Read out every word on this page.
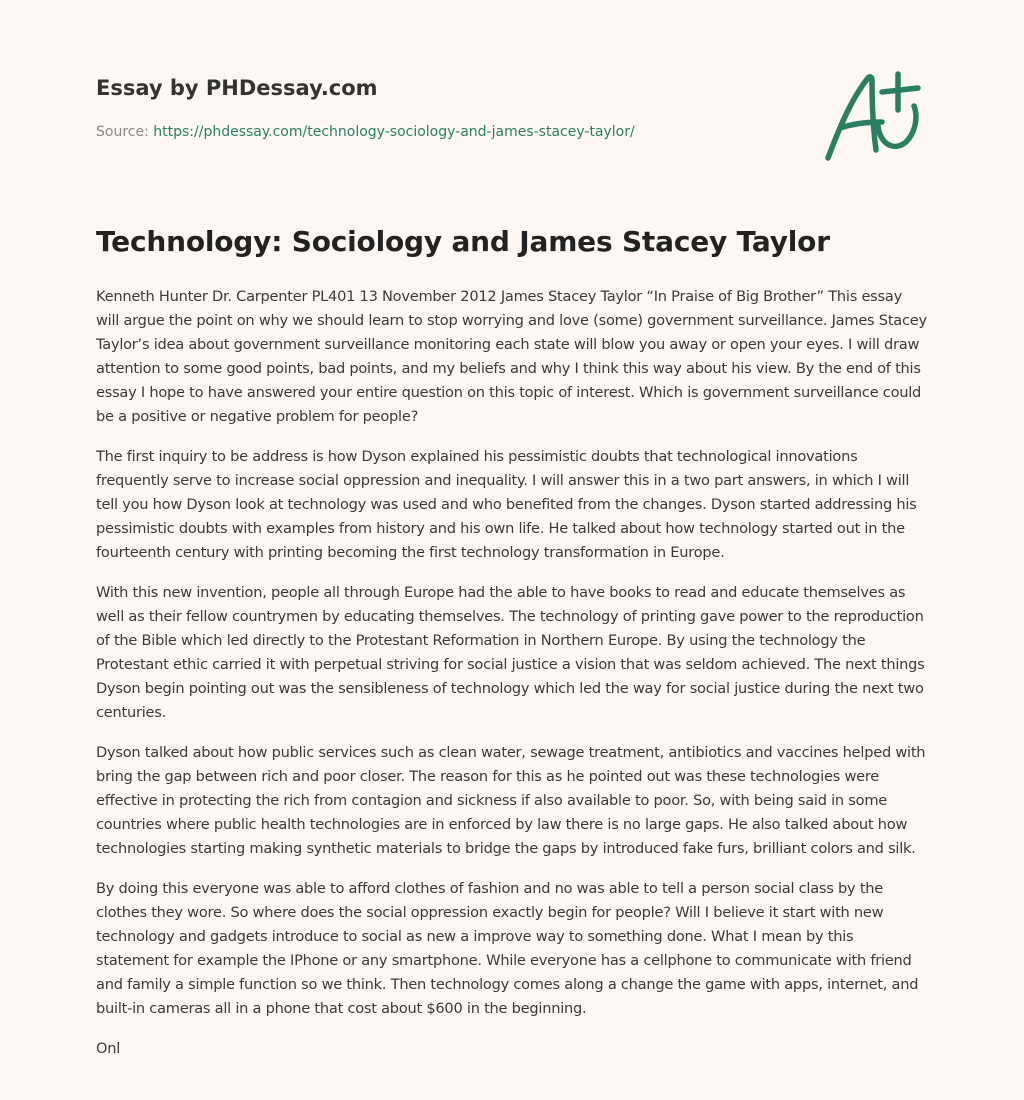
Essay by PHDessay.com
Source: https://phdessay.com/technology-sociology-and-james-stacey-taylor/
Technology: Sociology and James Stacey Taylor

Kenneth Hunter Dr. Carpenter PL401 13 November 2012 James Stacey Taylor “In Praise of Big Brother” This essay will argue the point on why we should learn to stop worrying and love (some) government surveillance. James Stacey Taylor’s idea about government surveillance monitoring each state will blow you away or open your eyes. I will draw attention to some good points, bad points, and my beliefs and why I think this way about his view. By the end of this essay I hope to have answered your entire question on this topic of interest. Which is government surveillance could be a positive or negative problem for people?

The first inquiry to be address is how Dyson explained his pessimistic doubts that technological innovations frequently serve to increase social oppression and inequality. I will answer this in a two part answers, in which I will tell you how Dyson look at technology was used and who benefited from the changes. Dyson started addressing his pessimistic doubts with examples from history and his own life. He talked about how technology started out in the fourteenth century with printing becoming the first technology transformation in Europe.

With this new invention, people all through Europe had the able to have books to read and educate themselves as well as their fellow countrymen by educating themselves. The technology of printing gave power to the reproduction of the Bible which led directly to the Protestant Reformation in Northern Europe. By using the technology the Protestant ethic carried it with perpetual striving for social justice a vision that was seldom achieved. The next things Dyson begin pointing out was the sensibleness of technology which led the way for social justice during the next two centuries.

Dyson talked about how public services such as clean water, sewage treatment, antibiotics and vaccines helped with bring the gap between rich and poor closer. The reason for this as he pointed out was these technologies were effective in protecting the rich from contagion and sickness if also available to poor. So, with being said in some countries where public health technologies are in enforced by law there is no large gaps. He also talked about how technologies starting making synthetic materials to bridge the gaps by introduced fake furs, brilliant colors and silk.

By doing this everyone was able to afford clothes of fashion and no was able to tell a person social class by the clothes they wore. So where does the social oppression exactly begin for people? Will I believe it start with new technology and gadgets introduce to social as new a improve way to something done. What I mean by this statement for example the IPhone or any smartphone. While everyone has a cellphone to communicate with friend and family a simple function so we think. Then technology comes along a change the game with apps, internet, and built-in cameras all in a phone that cost about $600 in the beginning.

Onl
